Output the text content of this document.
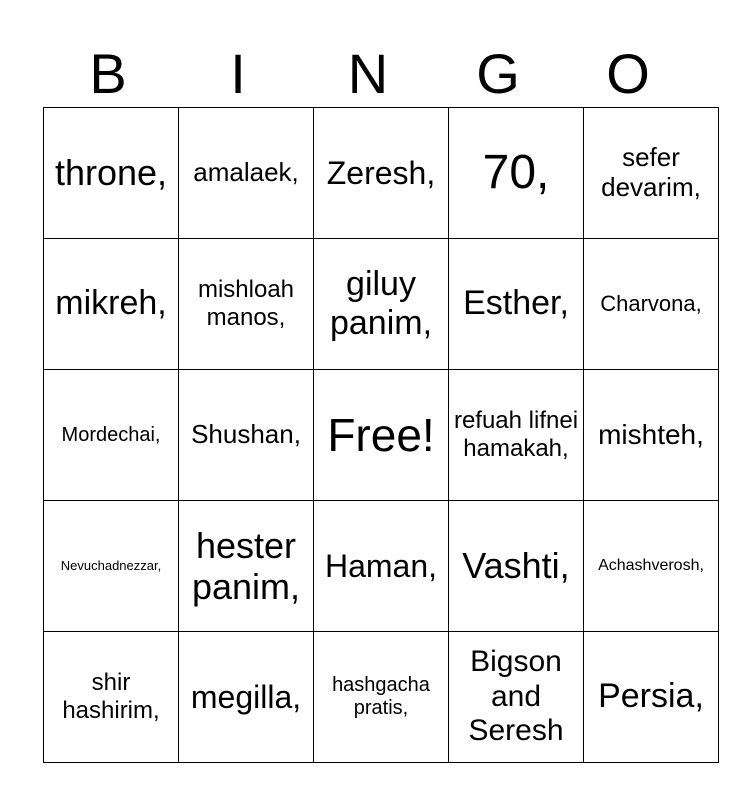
B	I	N	G	O
throne,	amalaek,	Zeresh,	70,	sefer devarim,
mikreh,	mishloah manos,	giluy panim,	Esther,	Charvona,
Mordechai,	Shushan,	Free!	refuah lifnei hamakah,	mishteh,
Nevuchadnezzar,	hester panim,	Haman,	Vashti,	Achashverosh,
shir hashirim,	megilla,	hashgacha pratis,	Bigson and Seresh	Persia,
